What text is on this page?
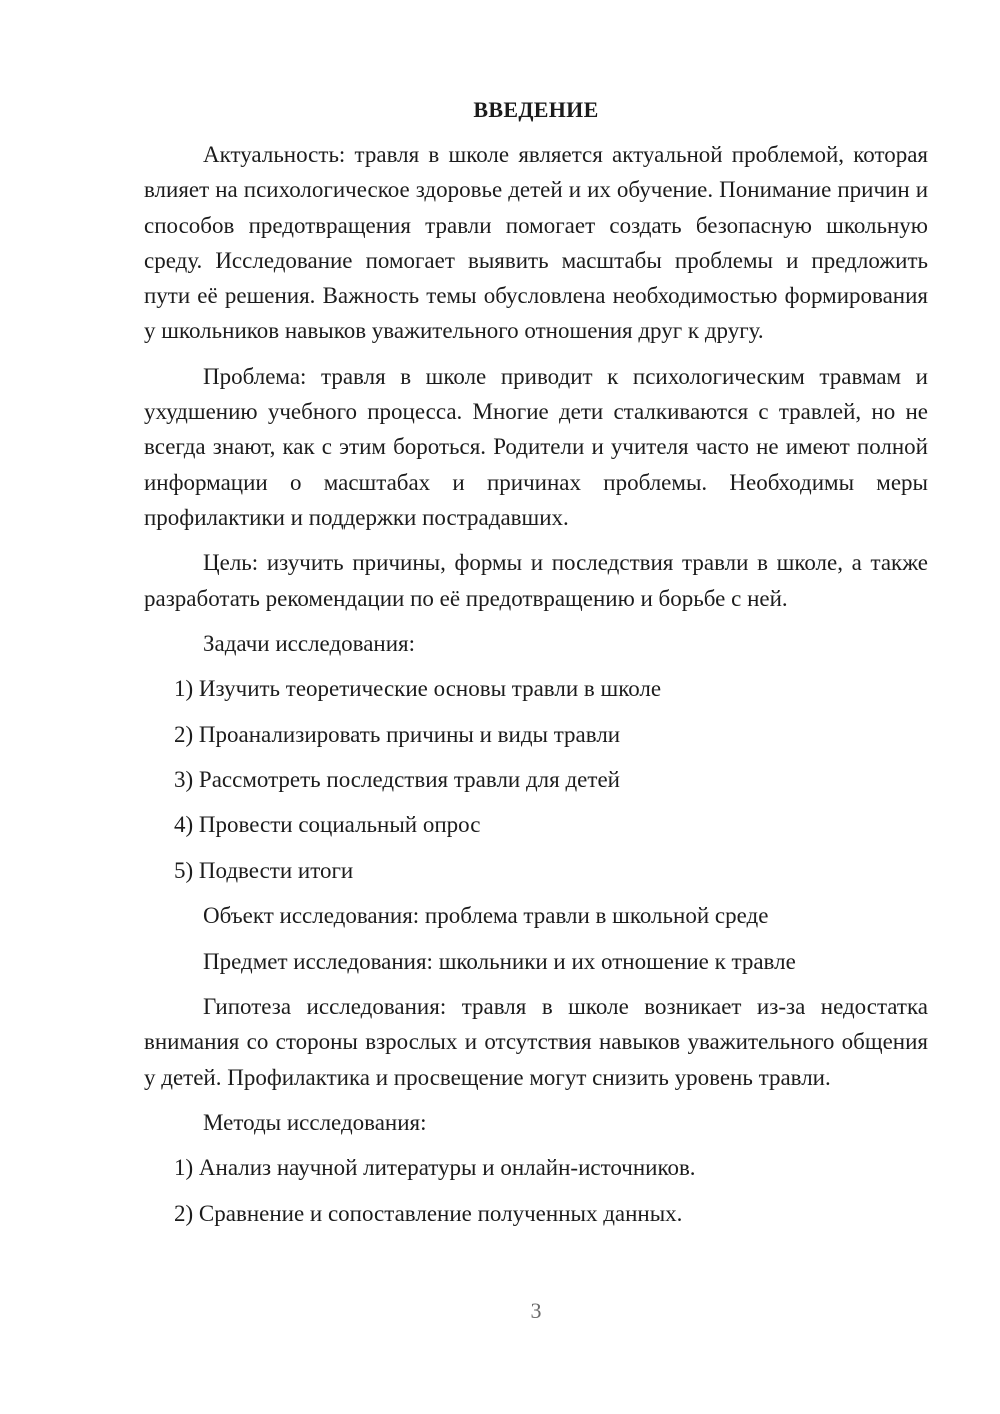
ВВЕДЕНИЕ

Актуальность: травля в школе является актуальной проблемой, которая влияет на психологическое здоровье детей и их обучение. Понимание причин и способов предотвращения травли помогает создать безопасную школьную среду. Исследование помогает выявить масштабы проблемы и предложить пути её решения. Важность темы обусловлена необходимостью формирования у школьников навыков уважительного отношения друг к другу.

Проблема: травля в школе приводит к психологическим травмам и ухудшению учебного процесса. Многие дети сталкиваются с травлей, но не всегда знают, как с этим бороться. Родители и учителя часто не имеют полной информации о масштабах и причинах проблемы. Необходимы меры профилактики и поддержки пострадавших.

Цель: изучить причины, формы и последствия травли в школе, а также разработать рекомендации по её предотвращению и борьбе с ней.

Задачи исследования:
1) Изучить теоретические основы травли в школе
2) Проанализировать причины и виды травли
3) Рассмотреть последствия травли для детей
4) Провести социальный опрос
5) Подвести итоги
Объект исследования: проблема травли в школьной среде
Предмет исследования: школьники и их отношение к травле

Гипотеза исследования: травля в школе возникает из-за недостатка внимания со стороны взрослых и отсутствия навыков уважительного общения у детей. Профилактика и просвещение могут снизить уровень травли.

Методы исследования:
1) Анализ научной литературы и онлайн-источников.
2) Сравнение и сопоставление полученных данных.
3
